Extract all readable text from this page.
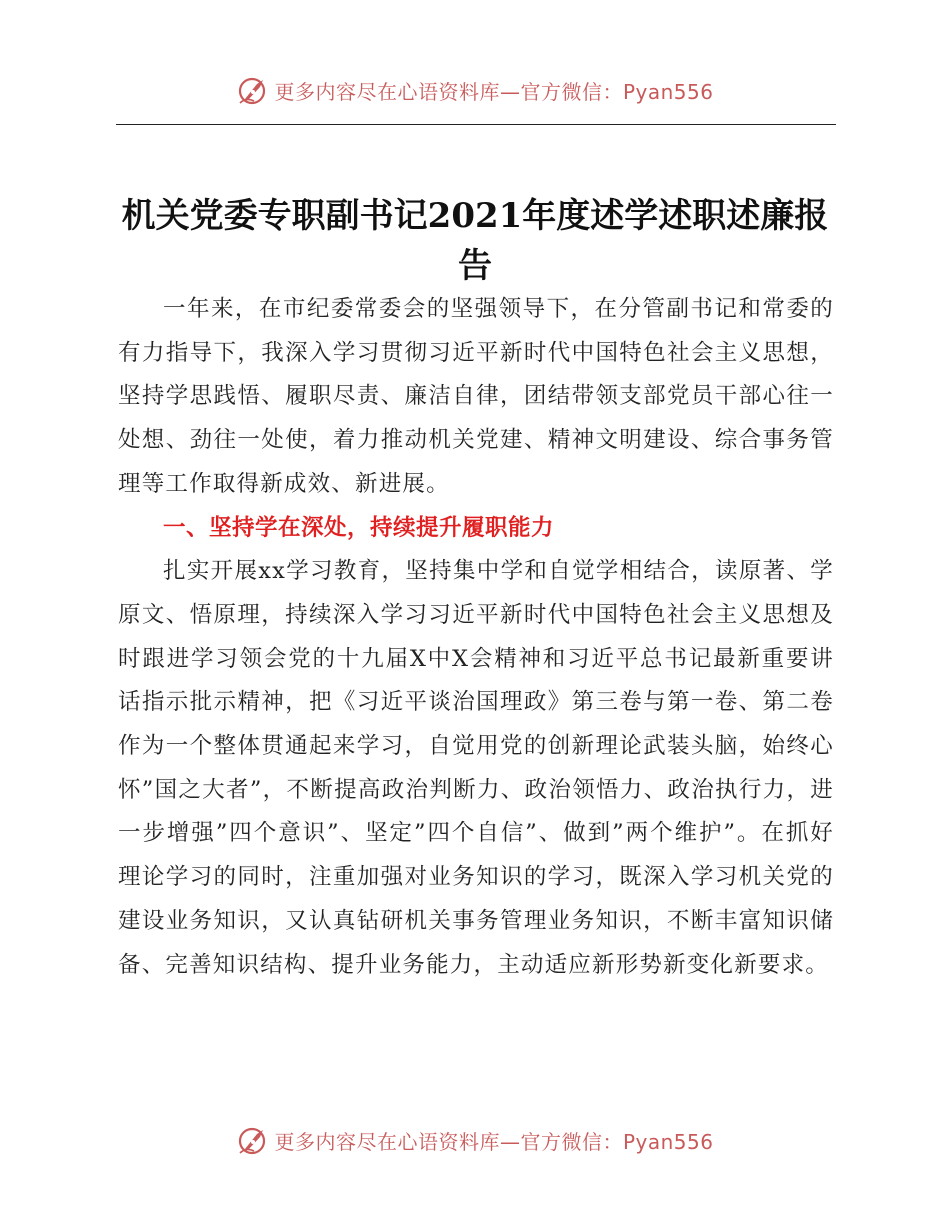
更多内容尽在心语资料库—官方微信：Pyan556
机关党委专职副书记2021年度述学述职述廉报告

一年来，在市纪委常委会的坚强领导下，在分管副书记和常委的有力指导下，我深入学习贯彻习近平新时代中国特色社会主义思想，坚持学思践悟、履职尽责、廉洁自律，团结带领支部党员干部心往一处想、劲往一处使，着力推动机关党建、精神文明建设、综合事务管理等工作取得新成效、新进展。

一、坚持学在深处，持续提升履职能力

扎实开展xx学习教育，坚持集中学和自觉学相结合，读原著、学原文、悟原理，持续深入学习习近平新时代中国特色社会主义思想及时跟进学习领会党的十九届X中X会精神和习近平总书记最新重要讲话指示批示精神，把《习近平谈治国理政》第三卷与第一卷、第二卷作为一个整体贯通起来学习，自觉用党的创新理论武装头脑，始终心怀”国之大者”，不断提高政治判断力、政治领悟力、政治执行力，进一步增强”四个意识”、坚定”四个自信”、做到”两个维护”。在抓好理论学习的同时，注重加强对业务知识的学习，既深入学习机关党的建设业务知识，又认真钻研机关事务管理业务知识，不断丰富知识储备、完善知识结构、提升业务能力，主动适应新形势新变化新要求。

更多内容尽在心语资料库—官方微信：Pyan556
